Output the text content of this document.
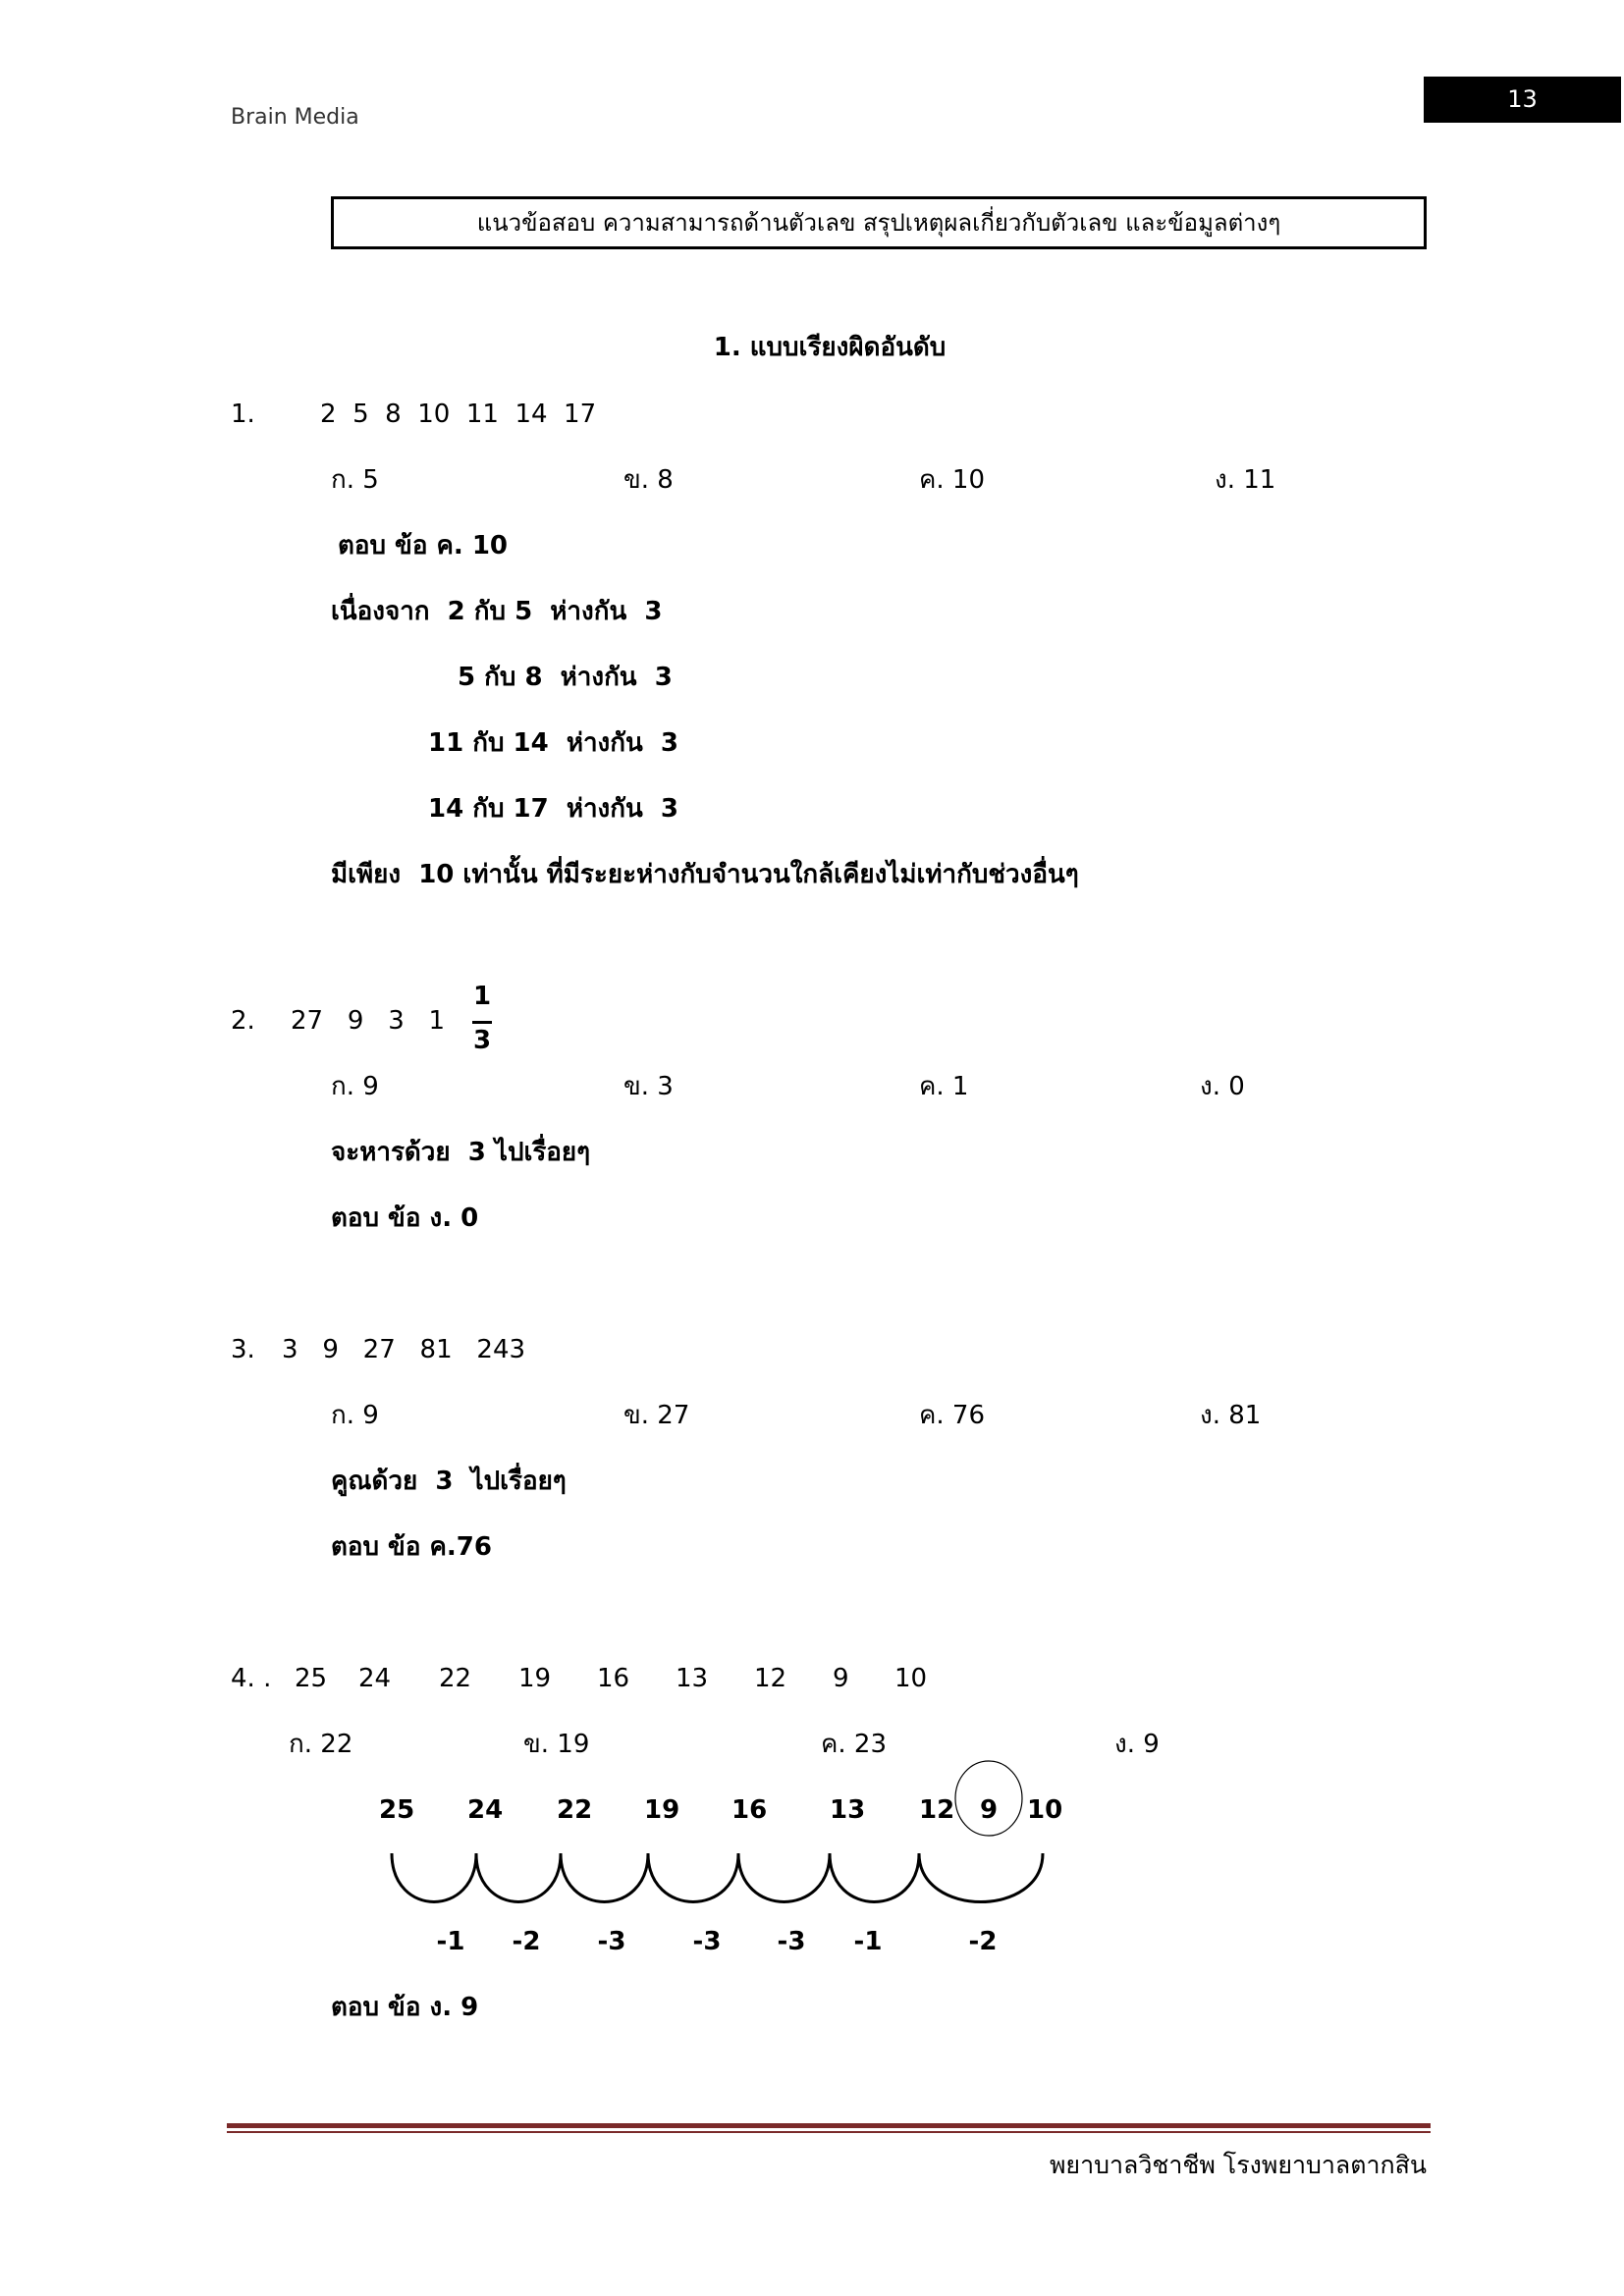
Brain Media
13
แนวข้อสอบ ความสามารถด้านตัวเลข สรุปเหตุผลเกี่ยวกับตัวเลข และข้อมูลต่างๆ
1. แบบเรียงผิดอันดับ
1.	2  5  8  10  11  14  17
ก. 5	ข. 8	ค. 10	ง. 11
ตอบ ข้อ ค. 10
เนื่องจาก  2 กับ 5  ห่างกัน  3
5 กับ 8  ห่างกัน  3
11 กับ 14  ห่างกัน  3
14 กับ 17  ห่างกัน  3
มีเพียง  10 เท่านั้น ที่มีระยะห่างกับจำนวนใกล้เคียงไม่เท่ากับช่วงอื่นๆ
2. 27   9   3   1
1
3
ก. 9	ข. 3	ค. 1	ง. 0
จะหารด้วย  3 ไปเรื่อยๆ
ตอบ ข้อ ง. 0
3. 3   9   27   81   243
ก. 9	ข. 27	ค. 76	ง. 81
คูณด้วย  3  ไปเรื่อยๆ
ตอบ ข้อ ค.76
4. .
ก. 22	ข. 19	ค. 23	ง. 9
ตอบ ข้อ ง. 9
พยาบาลวิชาชีพ โรงพยาบาลตากสิน
25 24 22 19 16 13 12 9 10
25 24 22 19 16 13 12 9 10
-1 -2 -3	-3 -3 -1	-2
